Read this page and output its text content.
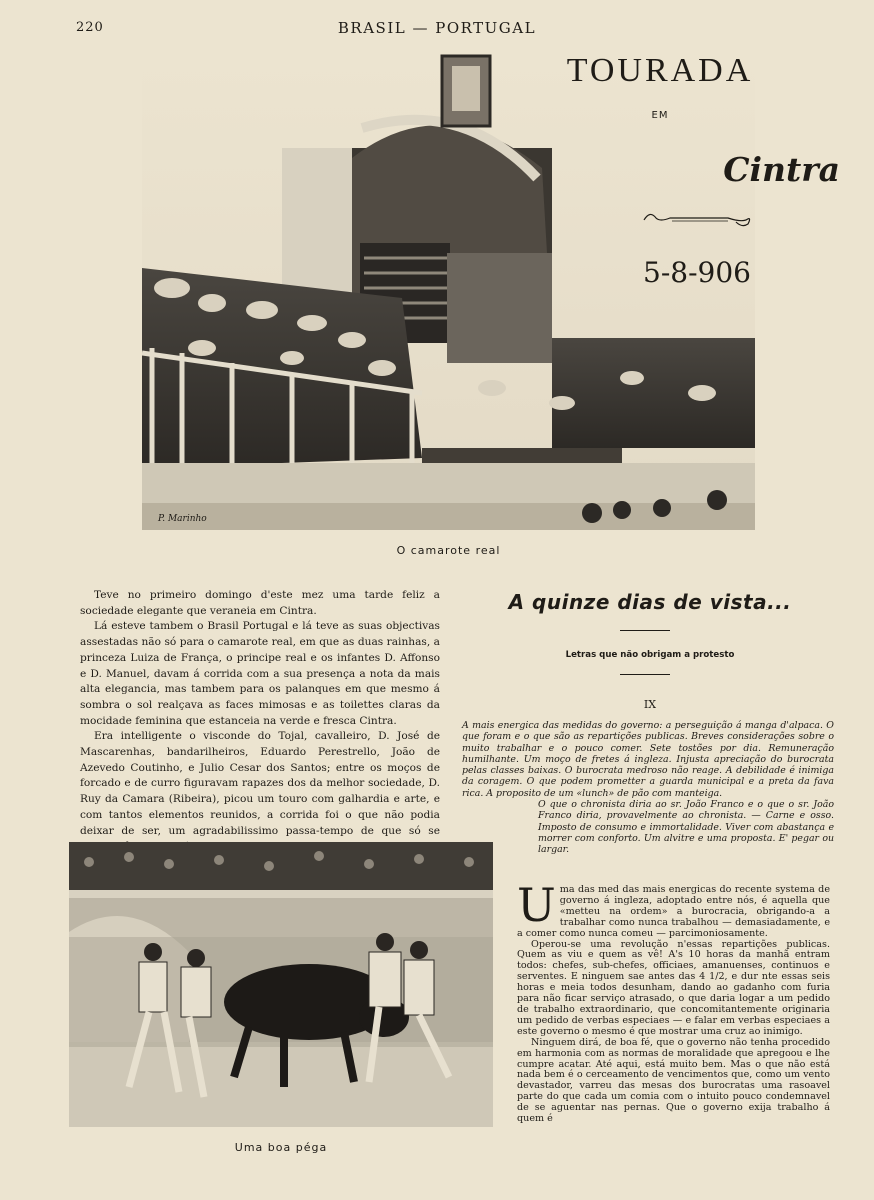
220	BRASIL — PORTUGAL
P. Marinho
TOURADA
EM
Cintra
5-8-906
O camarote real

Teve no primeiro domingo d'este mez uma tarde feliz a sociedade elegante que veraneia em Cintra.

Lá esteve tambem o Brasil Portugal e lá teve as suas objectivas assestadas não só para o camarote real, em que as duas rainhas, a princeza Luiza de França, o principe real e os infantes D. Affonso e D. Manuel, davam á corrida com a sua presença a nota da mais alta elegancia, mas tambem para os palanques em que mesmo á sombra o sol realçava as faces mimosas e as toilettes claras da mocidade feminina que estanceia na verde e fresca Cintra.

Era intelligente o visconde do Tojal, cavalleiro, D. José de Mascarenhas, bandarilheiros, Eduardo Perestrello, João de Azevedo Coutinho, e Julio Cesar dos Santos; entre os moços de forcado e de curro figuravam rapazes dos da melhor sociedade, D. Ruy da Camara (Ribeira), picou um touro com galhardia e arte, e com tantos elementos reunidos, a corrida foi o que não podia deixar de ser, um agradabilissimo passa-tempo de que só se

Uma boa péga
A quinze dias de vista...
Letras que não obrigam a protesto
IX

A mais energica das medidas do governo: a perseguição á manga d'alpaca. O que foram e o que são as repartições publicas. Breves considerações sobre o muito trabalhar e o pouco comer. Sete tostões por dia. Remuneração humilhante. Um moço de fretes á ingleza. Injusta apreciação do burocrata pelas classes baixas. O burocrata medroso não reage. A debilidade é inimiga da coragem. O que podem prometter a guarda municipal e a preta da fava rica. A proposito de um «lunch» de pão com manteiga.

O que o chronista diria ao sr. João Franco e o que o sr. João Franco diria, provavelmente ao chronista. — Carne e osso. Imposto de consumo e immortalidade. Viver com abastança e morrer com conforto. Um alvitre e uma proposta. E' pegar ou largar.

Uma das med das mais energicas do recente systema de governo á ingleza, adoptado entre nós, é aquella que «metteu na ordem» a burocracia, obrigando-a a trabalhar como nunca trabalhou — demasiadamente, e a comer como nunca comeu — parcimoniosamente.

Operou-se uma revolução n'essas repartições publicas. Quem as viu e quem as vê! A's 10 horas da manhã entram todos: chefes, sub-chefes, officiaes, amanuenses, continuos e serventes. E ninguem sae antes das 4 1/2, e dur nte essas seis horas e meia todos desunham, dando ao gadanho com furia para não ficar serviço atrasado, o que daria logar a um pedido de trabalho extraordinario, que concomitantemente originaria um pedido de verbas especiaes — e falar em verbas especiaes a este governo o mesmo é que mostrar uma cruz ao inimigo.

Ninguem dirá, de boa fé, que o governo não tenha procedido em harmonia com as normas de moralidade que apregoou e lhe cumpre acatar. Até aqui, está muito bem. Mas o que não está nada bem é o cerceamento de vencimentos que, como um vento devastador, varreu das mesas dos burocratas uma rasoavel parte do que cada um comia com o intuito pouco condemnavel de se aguentar nas pernas. Que o governo exija trabalho á quem é
